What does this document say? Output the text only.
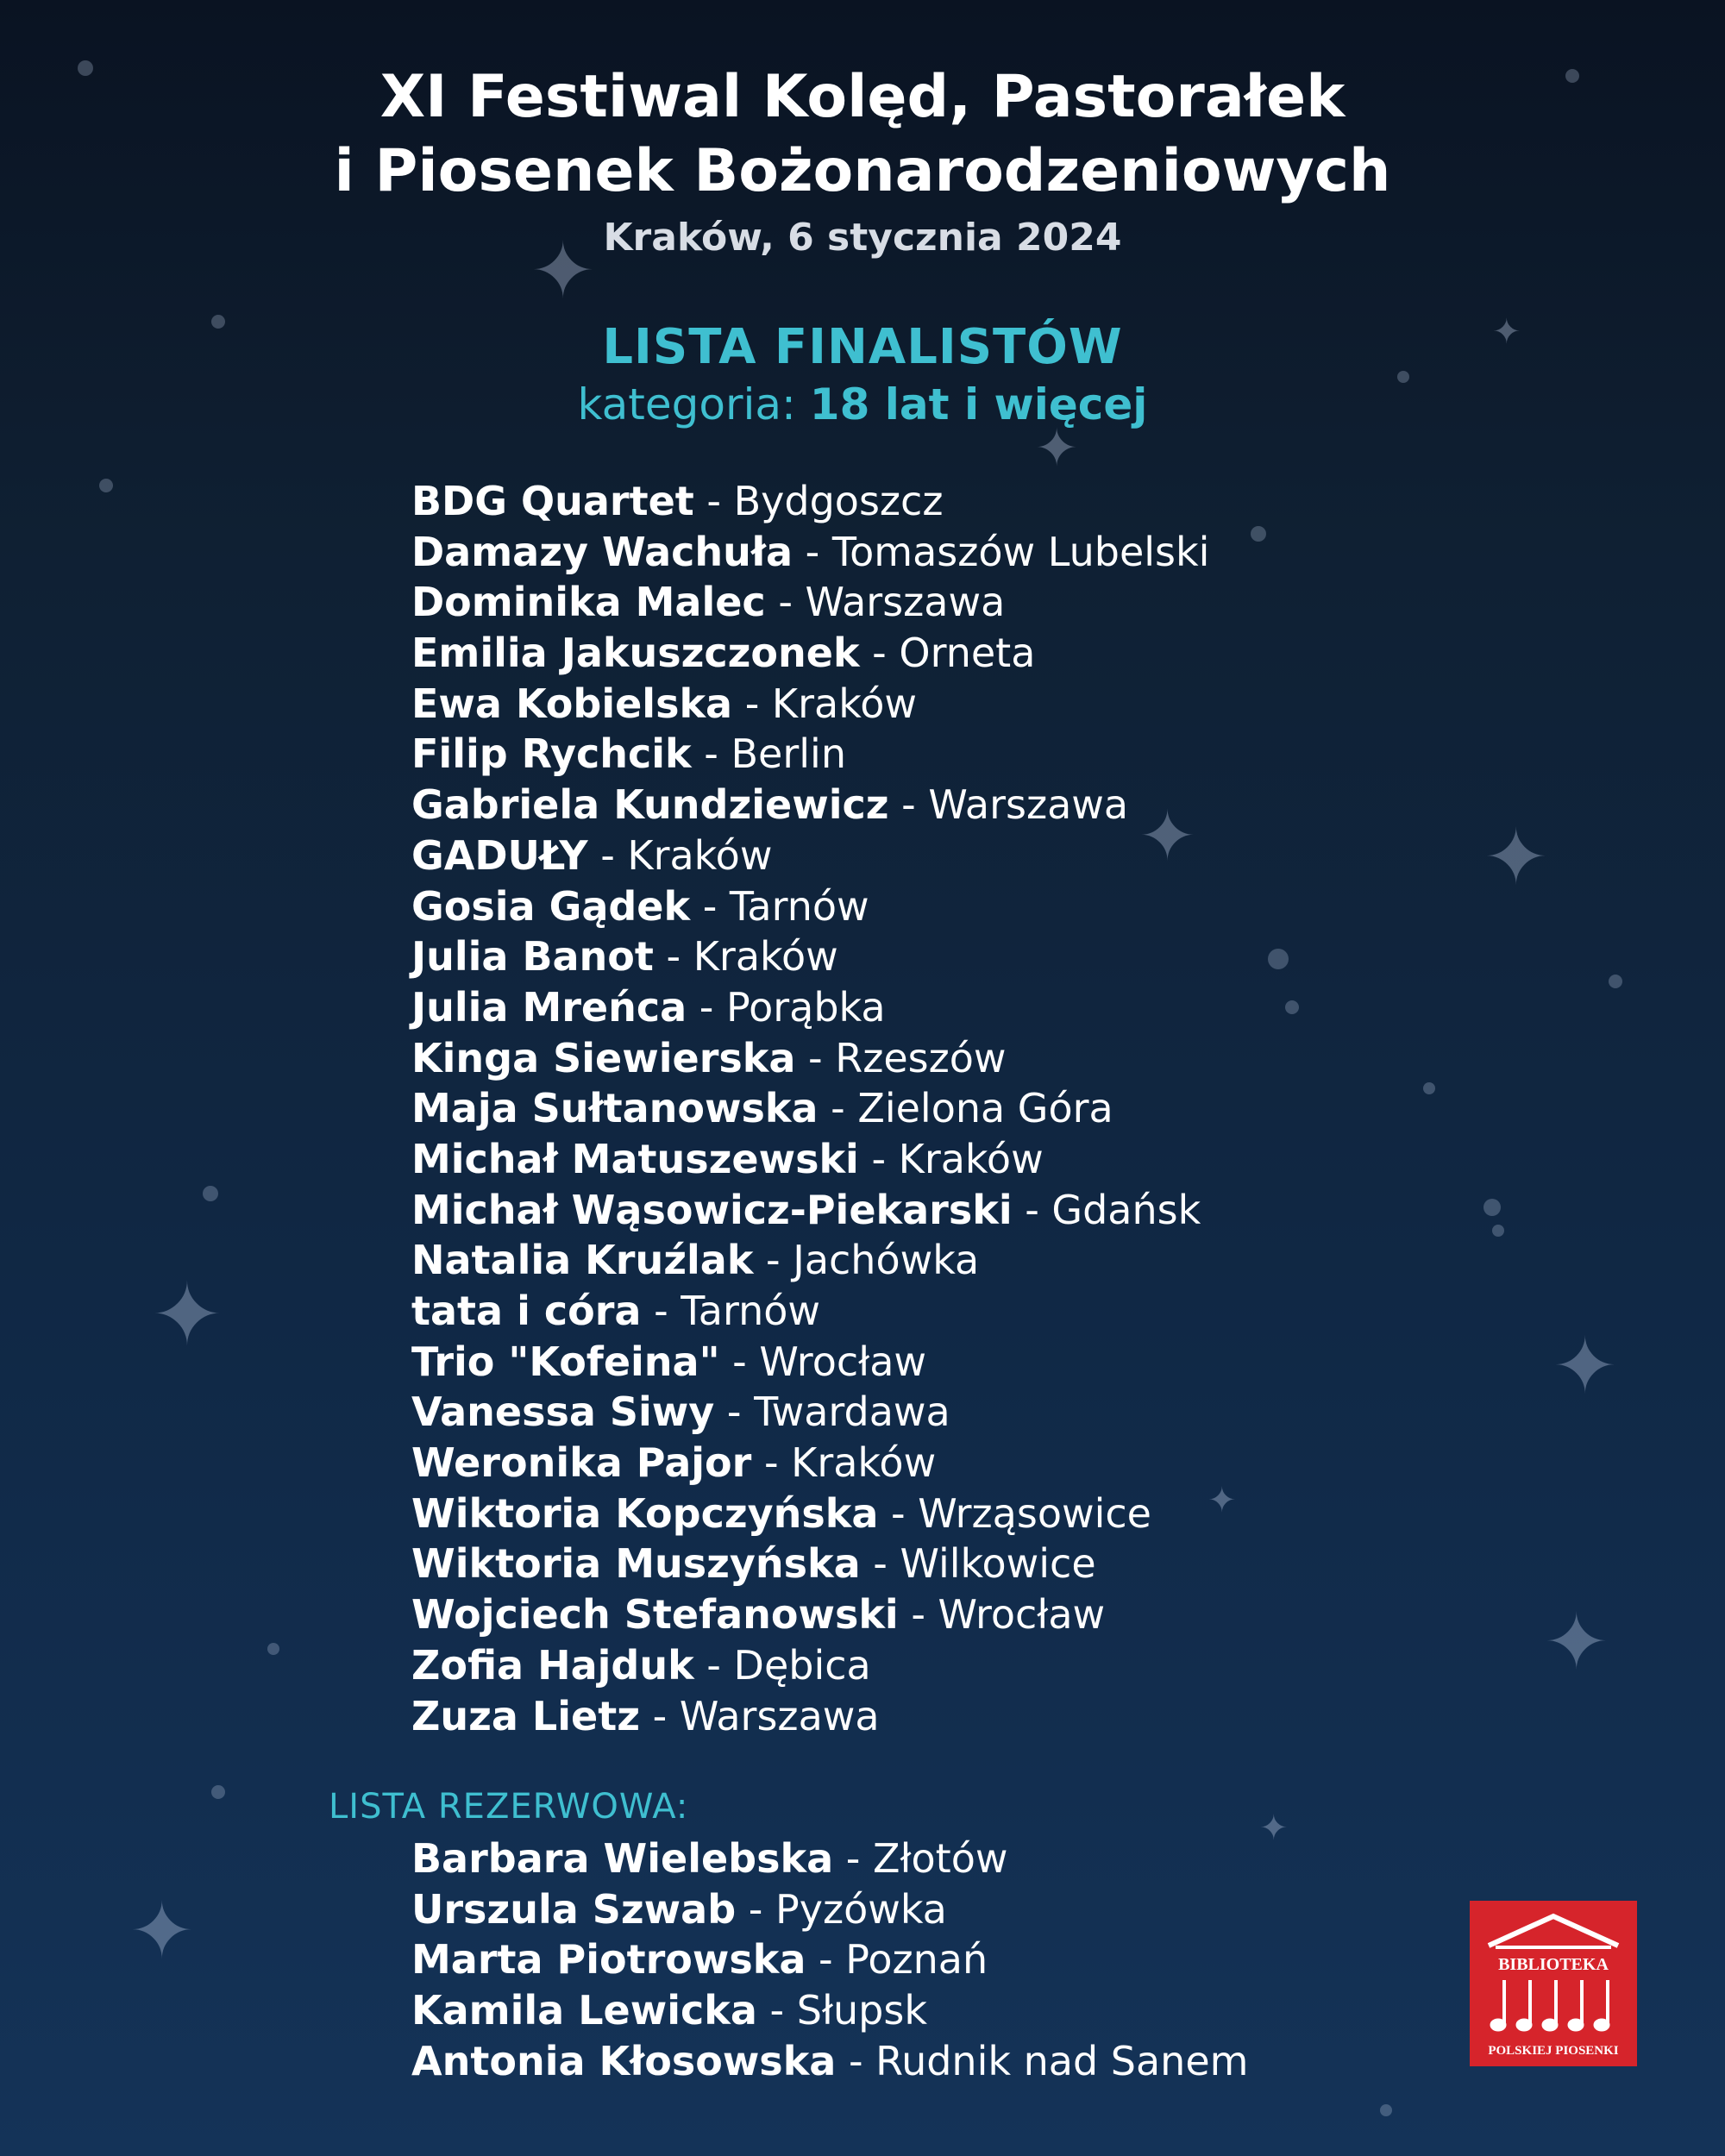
✦
✦	✦
✦
✦
✦
✦
✦
✦
✦
✦
XI Festiwal Kolęd, Pastorałek
i Piosenek Bożonarodzeniowych
Kraków, 6 stycznia 2024
LISTA FINALISTÓW
kategoria: 18 lat i więcej
BDG Quartet - Bydgoszcz
Damazy Wachuła - Tomaszów Lubelski
Dominika Malec - Warszawa
Emilia Jakuszczonek - Orneta
Ewa Kobielska - Kraków
Filip Rychcik - Berlin
Gabriela Kundziewicz - Warszawa
GADUŁY - Kraków
Gosia Gądek - Tarnów
Julia Banot - Kraków
Julia Mreńca - Porąbka
Kinga Siewierska - Rzeszów
Maja Sułtanowska - Zielona Góra
Michał Matuszewski - Kraków
Michał Wąsowicz-Piekarski - Gdańsk
Natalia Kruźlak - Jachówka
tata i córa - Tarnów
Trio "Kofeina" - Wrocław
Vanessa Siwy - Twardawa
Weronika Pajor - Kraków
Wiktoria Kopczyńska - Wrząsowice
Wiktoria Muszyńska - Wilkowice
Wojciech Stefanowski - Wrocław
Zofia Hajduk - Dębica
Zuza Lietz - Warszawa
LISTA REZERWOWA:
Barbara Wielebska - Złotów
Urszula Szwab - Pyzówka
Marta Piotrowska - Poznań
Kamila Lewicka - Słupsk
Antonia Kłosowska - Rudnik nad Sanem
BIBLIOTEKA
POLSKIEJ PIOSENKI
